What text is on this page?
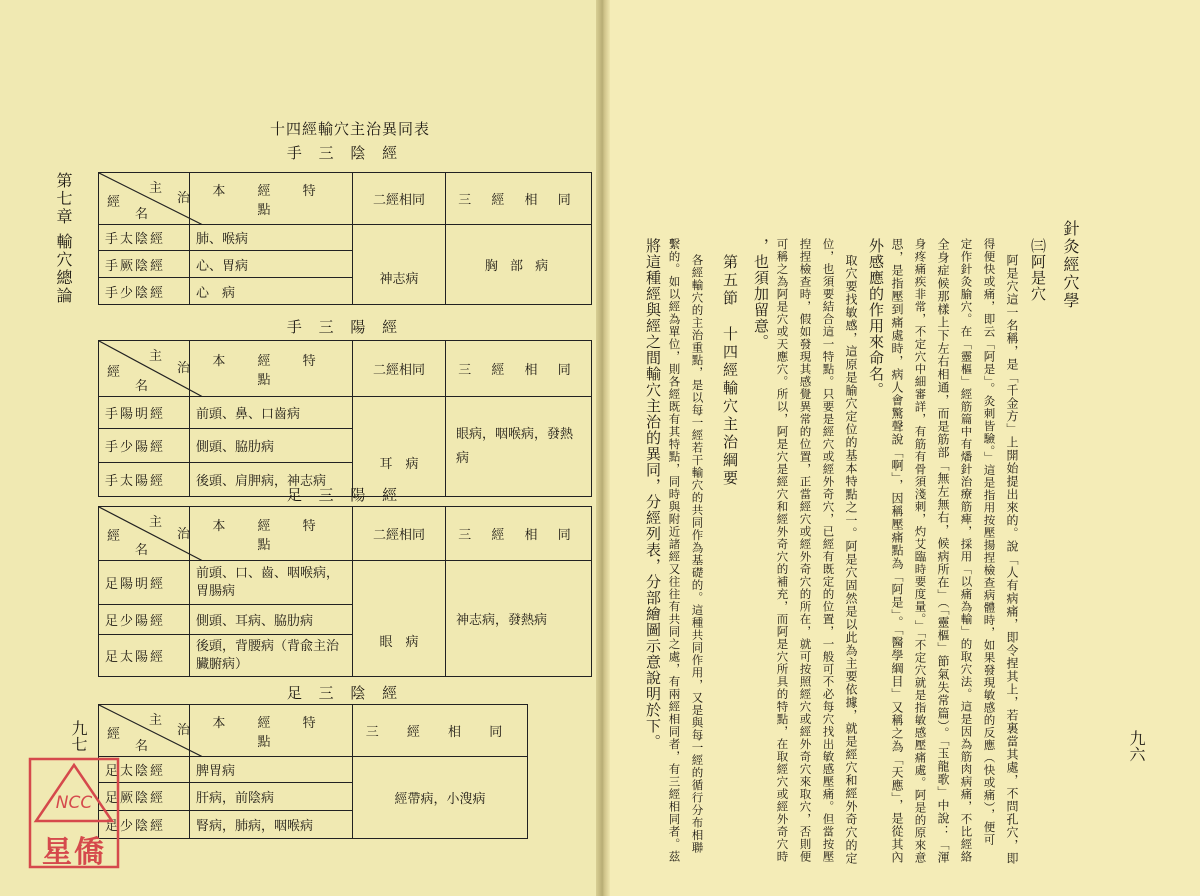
第七章 輸穴總論
九七
十四經輸穴主治異同表
手 三 陰 經
主
治
經
名	本 經 特 點	二經相同	三 經 相 同
手太陰經	肺、喉病		胸 部 病
手厥陰經	心、胃病	神志病	
手少陰經	心　病		
手 三 陽 經
主
治
經
名	本 經 特 點	二經相同	三 經 相 同
手陽明經	前頭、鼻、口齒病		眼病，咽喉病，發熱病
手少陽經	側頭、脇肋病	耳　病	
手太陽經	後頭、肩胛病，神志病		
足 三 陽 經
主
治
經
名	本 經 特 點	二經相同	三 經 相 同
足陽明經	前頭、口、齒、咽喉病，胃腸病		神志病，發熱病
足少陽經	側頭、耳病、脇肋病	眼　病	
足太陽經	後頭，背腰病（背兪主治臟腑病）		
足 三 陰 經
主
治
經
名	本 經 特 點	三 經 相 同
足太陰經	脾胃病	經帶病，小溲病
足厥陰經	肝病，前陰病	
足少陰經	腎病，肺病，咽喉病	
NCC
星僑
針灸經穴學
九六
㈢阿是穴
阿是穴這一名稱，是「千金方」上開始提出來的。說「人有病痛，即令捏其上，若裏當其處，不問孔穴，即
得便快或痛，即云「阿是」。灸刺皆驗。」這是指用按壓揚捏檢查病體時，如果發現敏感的反應（快或痛），便可
定作針灸腧穴。在「靈樞」經筋篇中有燔針治療筋痺，採用「以痛為輸」的取穴法。這是因為筋肉病痛，不比經絡
全身症候那樣上下左右相通，而是筋部「無左無右，候病所在」（「靈樞」節氣失常篇）。「玉龍歌」中說：「渾
身疼痛疾非常，不定穴中細審詳，有筋有骨須淺刺，灼艾臨時要度量。」「不定穴就是指敏感壓痛處。阿是的原來意
思，是指壓到痛處時，病人會驚聲說「啊」，因稱壓痛點為「阿是」。「醫學綱目」又稱之為「天應」，是從其內
外感應的作用來命名。
取穴要找敏感，這原是腧穴定位的基本特點之一。阿是穴固然是以此為主要依據，就是經穴和經外奇穴的定
位，也須要結合這一特點。只要是經穴或經外奇穴，已經有既定的位置，一般可不必每穴找出敏感壓痛。但當按壓
揑捏檢查時，假如發現其感覺異常的位置，正當經穴或經外奇穴的所在，就可按照經穴或經外奇穴來取穴，否則便
可稱之為阿是穴或天應穴。所以，阿是穴是經穴和經外奇穴的補充，而阿是穴所具的特點，在取經穴或經外奇穴時
，也須加留意。
第五節　十四經輸穴主治綱要
各經輸穴的主治重點，是以每一經若干輸穴的共同作為基礎的。這種共同作用，又是與每一經的循行分布相聯
繫的。如以經為單位，則各經既有其特點，同時與附近諸經又往往有共同之處，有兩經相同者，有三經相同者。茲
將這種經與經之間輸穴主治的異同，分經列表，分部繪圖示意說明於下。
